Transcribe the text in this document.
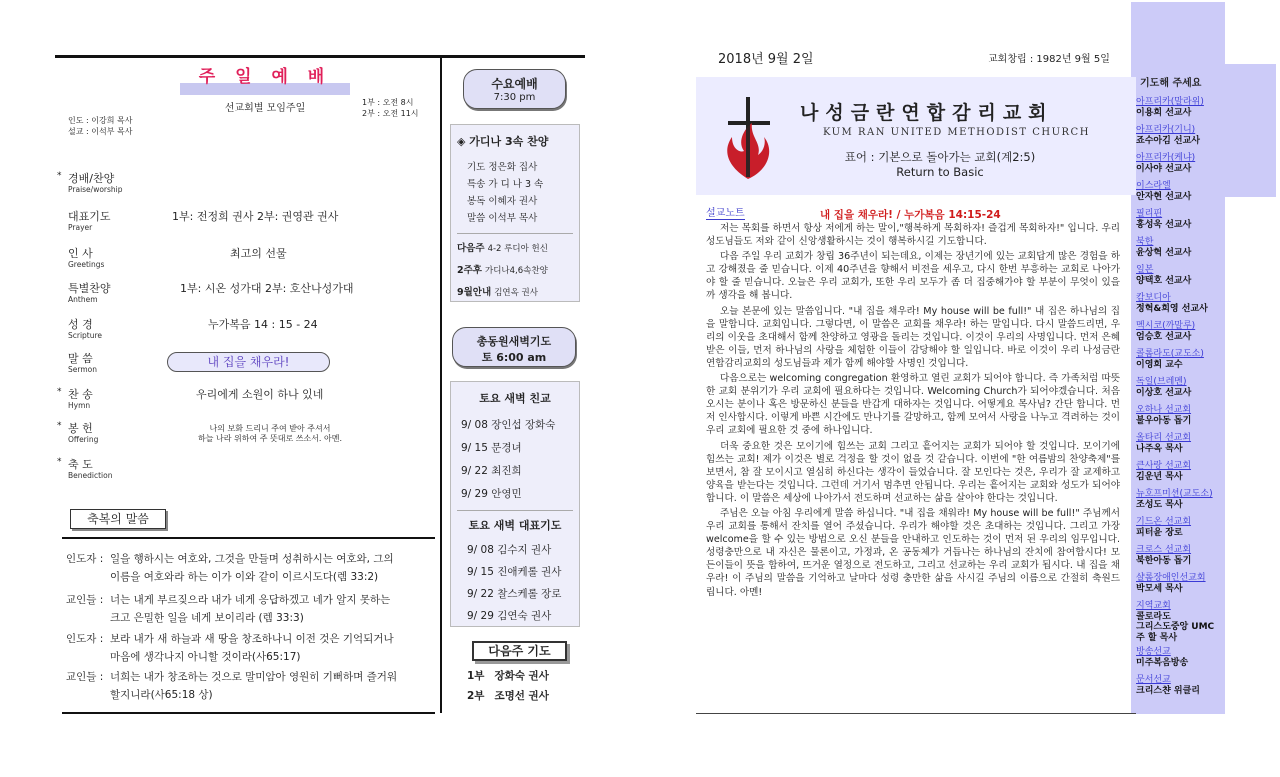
주 일 예 배
선교회별 모임주일
1부 : 오전 8시
2부 : 오전 11시
인도 : 이강희 목사
설교 : 이석부 목사
* 경배/찬양
Praise/worship
대표기도
Prayer
1부: 전정희 권사 2부: 권영관 권사
인 사
Greetings
최고의 선물
특별찬양
Anthem
1부: 시온 성가대 2부: 호산나성가대
성 경
Scripture
누가복음 14 : 15 - 24
말 씀
Sermon
내 집을 채우라!
* 찬 송
Hymn
우리에게 소원이 하나 있네
* 봉 헌
Offering
나의 보화 드리니 주여 받아 주셔서
하늘 나라 위하여 주 뜻대로 쓰소서. 아멘.
* 축 도
Benediction
축복의 말씀
인도자 : 일을 행하시는 여호와, 그것을 만들며 성취하시는 여호와, 그의
이름을 여호와라 하는 이가 이와 같이 이르시도다(렘 33:2)
교인들 : 너는 내게 부르짖으라 내가 네게 응답하겠고 네가 알지 못하는
크고 은밀한 일을 네게 보이리라 (렘 33:3)
인도자 : 보라 내가 새 하늘과 새 땅을 창조하나니 이전 것은 기억되거나
마음에 생각나지 아니할 것이라(사65:17)
교인들 : 너희는 내가 창조하는 것으로 말미암아 영원히 기뻐하며 즐거워
할지니라(사65:18 상)
수요예배
7:30 pm
◈ 가디나 3속 찬양
기도 정은화 집사
특송 가 디 나 3 속
봉독 이혜자 권사
말씀 이석부 목사
다음주 4-2 루디아 헌신
2주후 가디나4,6속찬양
9월안내 김연옥 권사
총동원새벽기도
토 6:00 am
토요 새벽 친교
9/ 08 장인섭 장화숙
9/ 15 문경녀
9/ 22 최진희
9/ 29 안영민
토요 새벽 대표기도
9/ 08 김수지 권사
9/ 15 진애케롤 권사
9/ 22 찰스케롤 장로
9/ 29 김연숙 권사
다음주 기도
1부 장화숙 권사
2부 조명선 권사
2018년 9월 2일	교회창립 : 1982년 9월 5일
나성금란연합감리교회
KUM RAN UNITED METHODIST CHURCH
표어 : 기본으로 돌아가는 교회(계2:5)
Return to Basic
설교노트	내 집을 채우라! / 누가복음 14:15-24

저는 목회를 하면서 항상 저에게 하는 말이,"행복하게 목회하자! 즐겁게 목회하자!" 입니다. 우리 성도님들도 저와 같이 신앙생활하시는 것이 행복하시길 기도합니다.

다음 주일 우리 교회가 창립 36주년이 되는데요, 이제는 장년기에 있는 교회답게 많은 경험을 하고 강해졌을 줄 믿습니다. 이제 40주년을 향해서 비전을 세우고, 다시 한번 부흥하는 교회로 나아가야 할 줄 믿습니다. 오늘은 우리 교회가, 또한 우리 모두가 좀 더 집중해가야 할 부분이 무엇이 있을까 생각을 해 봅니다.

오늘 본문에 있는 말씀입니다. "내 집을 채우라! My house will be full!" 내 집은 하나님의 집을 말합니다. 교회입니다. 그렇다면, 이 말씀은 교회를 채우라! 하는 말입니다. 다시 말씀드리면, 우리의 이웃을 초대해서 함께 찬양하고 영광을 돌리는 것입니다. 이것이 우리의 사명입니다. 먼저 은혜 받은 이들, 먼저 하나님의 사랑을 체험한 이들이 감당해야 할 일입니다. 바로 이것이 우리 나성금란연합감리교회의 성도님들과 제가 함께 해야할 사명인 것입니다.

다음으로는 welcoming congregation 환영하고 열린 교회가 되어야 합니다. 즉 가족처럼 따뜻한 교회 분위기가 우리 교회에 필요하다는 것입니다. Welcoming Church가 되어야겠습니다. 처음오시는 분이나 혹은 방문하신 분들을 반갑게 대하자는 것입니다. 어떻게요 목사님? 간단 합니다. 먼저 인사합시다. 이렇게 바쁜 시간에도 만나기를 갈망하고, 함께 모여서 사랑을 나누고 격려하는 것이 우리 교회에 필요한 것 중에 하나입니다.

더욱 중요한 것은 모이기에 힘쓰는 교회 그리고 흩어지는 교회가 되어야 할 것입니다. 모이기에 힘쓰는 교회! 제가 이것은 별로 걱정을 할 것이 없을 것 같습니다. 이번에 "한 여름밤의 찬양축제"를 보면서, 참 잘 모이시고 열심히 하신다는 생각이 들었습니다. 잘 모인다는 것은, 우리가 잘 교제하고 양육을 받는다는 것입니다. 그런데 거기서 멈추면 안됩니다. 우리는 흩어지는 교회와 성도가 되어야 합니다. 이 말씀은 세상에 나아가서 전도하며 선교하는 삶을 살아야 한다는 것입니다.

주님은 오늘 아침 우리에게 말씀 하십니다. "내 집을 채워라! My house will be full!" 주님께서 우리 교회를 통해서 잔치를 열어 주셨습니다. 우리가 해야할 것은 초대하는 것입니다. 그리고 가장 welcome을 할 수 있는 방법으로 오신 분들을 안내하고 인도하는 것이 먼저 된 우리의 임무입니다. 성령충만으로 내 자신은 물론이고, 가정과, 온 공동체가 거듭나는 하나님의 잔치에 참여합시다! 모든이들이 뜻을 합하여, 뜨거운 열정으로 전도하고, 그리고 선교하는 우리 교회가 됩시다. 내 집을 채우라! 이 주님의 말씀을 기억하고 날마다 성령 충만한 삶을 사시길 주님의 이름으로 간절히 축원드립니다. 아멘!

기도해 주세요
아프리카(말라위)
이용희 선교사
아프리카(기니)
죠수아김 선교사
아프리카(케냐)
이사야 선교사
이스라엘
안자현 선교사
필리핀
홍성욱 선교사
북한
윤상혁 선교사
일본
양택호 선교사
캄보디아
정혁&희영 선교사
멕시코(까말루)
엄승호 선교사
콜롬라도(교도소)
이영희 교수
독일(브레멘)
이상호 선교사
오하나 선교회
불우아동 돕기
올타리 선교회
나주옥 목사
큰사랑 선교회
김운년 목사
뉴호프미션(교도소)
조성도 목사
기드온 선교회
피터윤 장로
크로스 선교회
북한아동 돕기
샬롬장애인선교회
박모세 목사
지역교회
콜로라도
그리스도중앙 UMC
주 할 목사
방송선교
미주복음방송
문서선교
크리스챤 위클리
